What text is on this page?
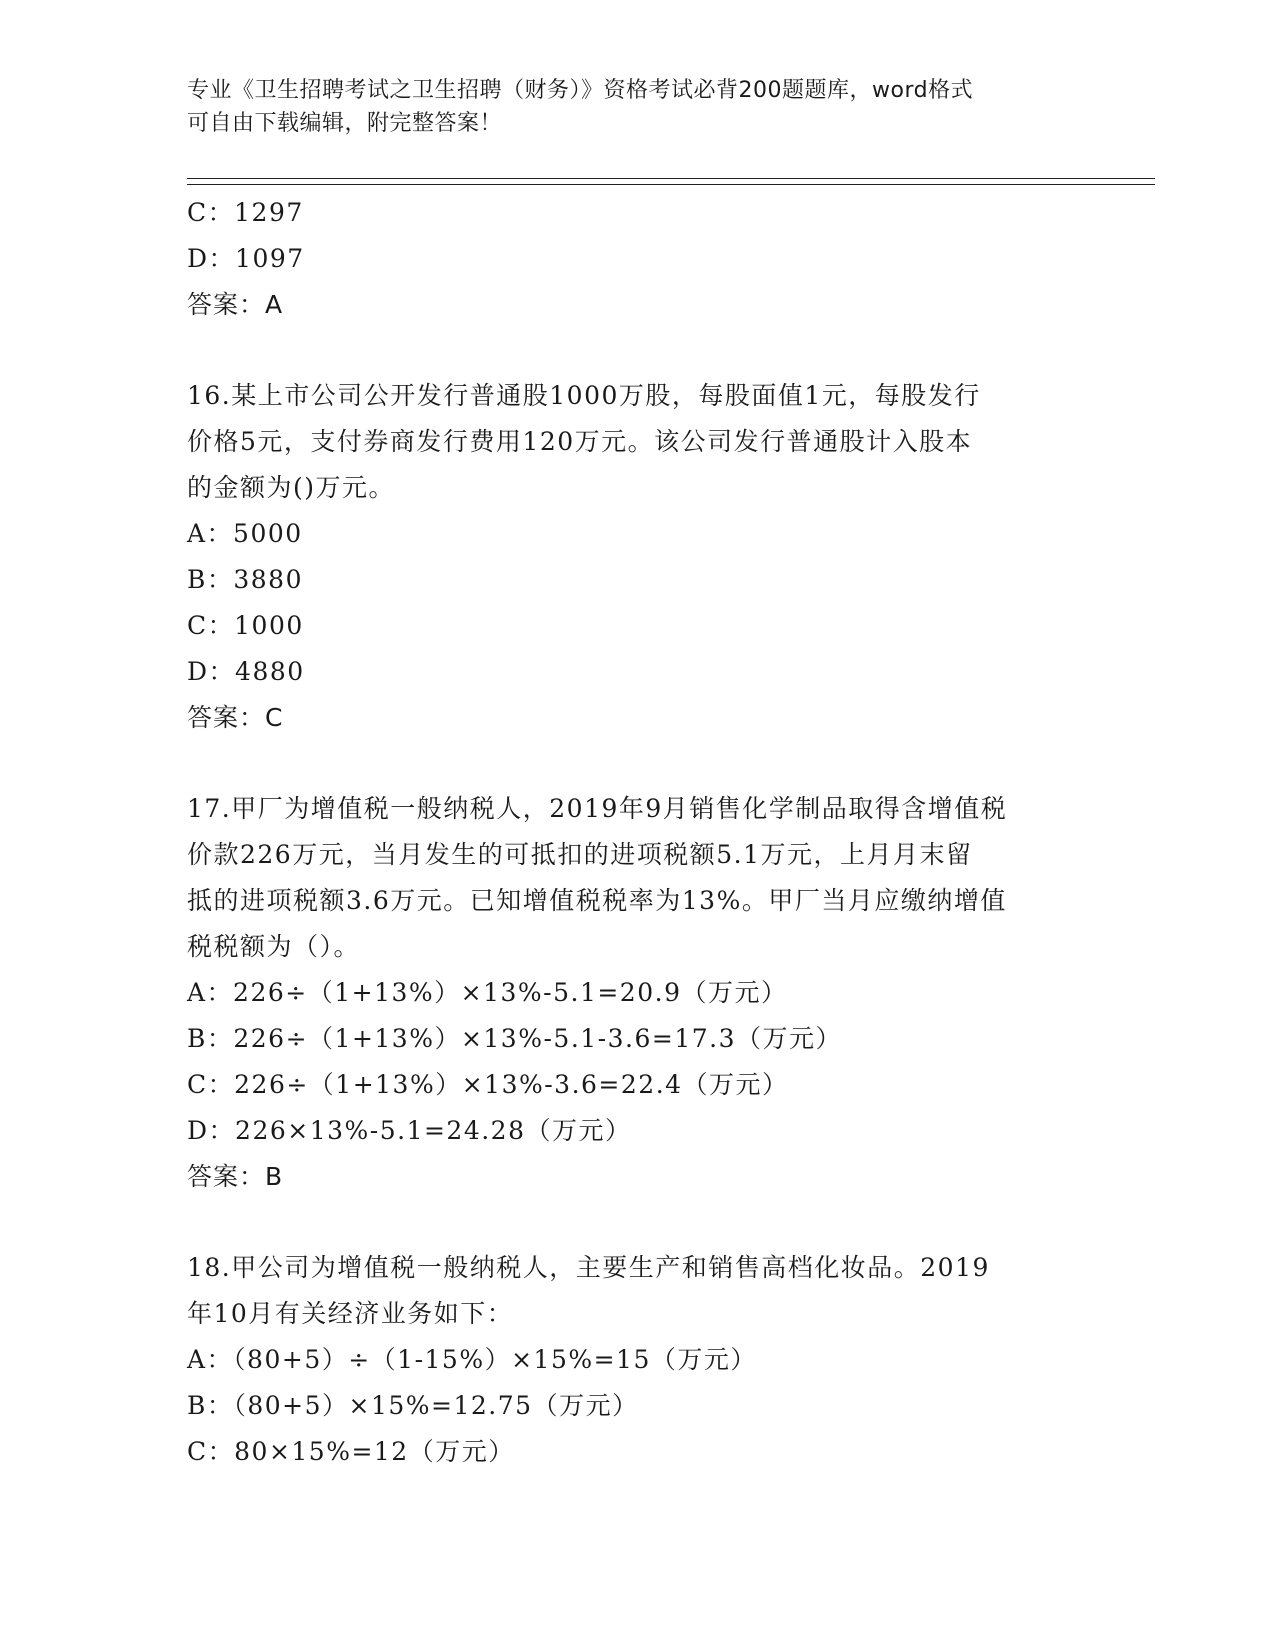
专业《卫生招聘考试之卫生招聘（财务）》资格考试必背200题题库，word格式
可自由下载编辑，附完整答案！
C：1297
D：1097
答案：A
16.某上市公司公开发行普通股1000万股，每股面值1元，每股发行
价格5元，支付券商发行费用120万元。该公司发行普通股计入股本
的金额为()万元。
A：5000
B：3880
C：1000
D：4880
答案：C
17.甲厂为增值税一般纳税人，2019年9月销售化学制品取得含增值税
价款226万元，当月发生的可抵扣的进项税额5.1万元，上月月末留
抵的进项税额3.6万元。已知增值税税率为13%。甲厂当月应缴纳增值
税税额为（）。
A：226÷（1+13%）×13%-5.1=20.9（万元）
B：226÷（1+13%）×13%-5.1-3.6=17.3（万元）
C：226÷（1+13%）×13%-3.6=22.4（万元）
D：226×13%-5.1=24.28（万元）
答案：B
18.甲公司为增值税一般纳税人，主要生产和销售高档化妆品。2019
年10月有关经济业务如下：
A：（80+5）÷（1-15%）×15%=15（万元）
B：（80+5）×15%=12.75（万元）
C：80×15%=12（万元）
